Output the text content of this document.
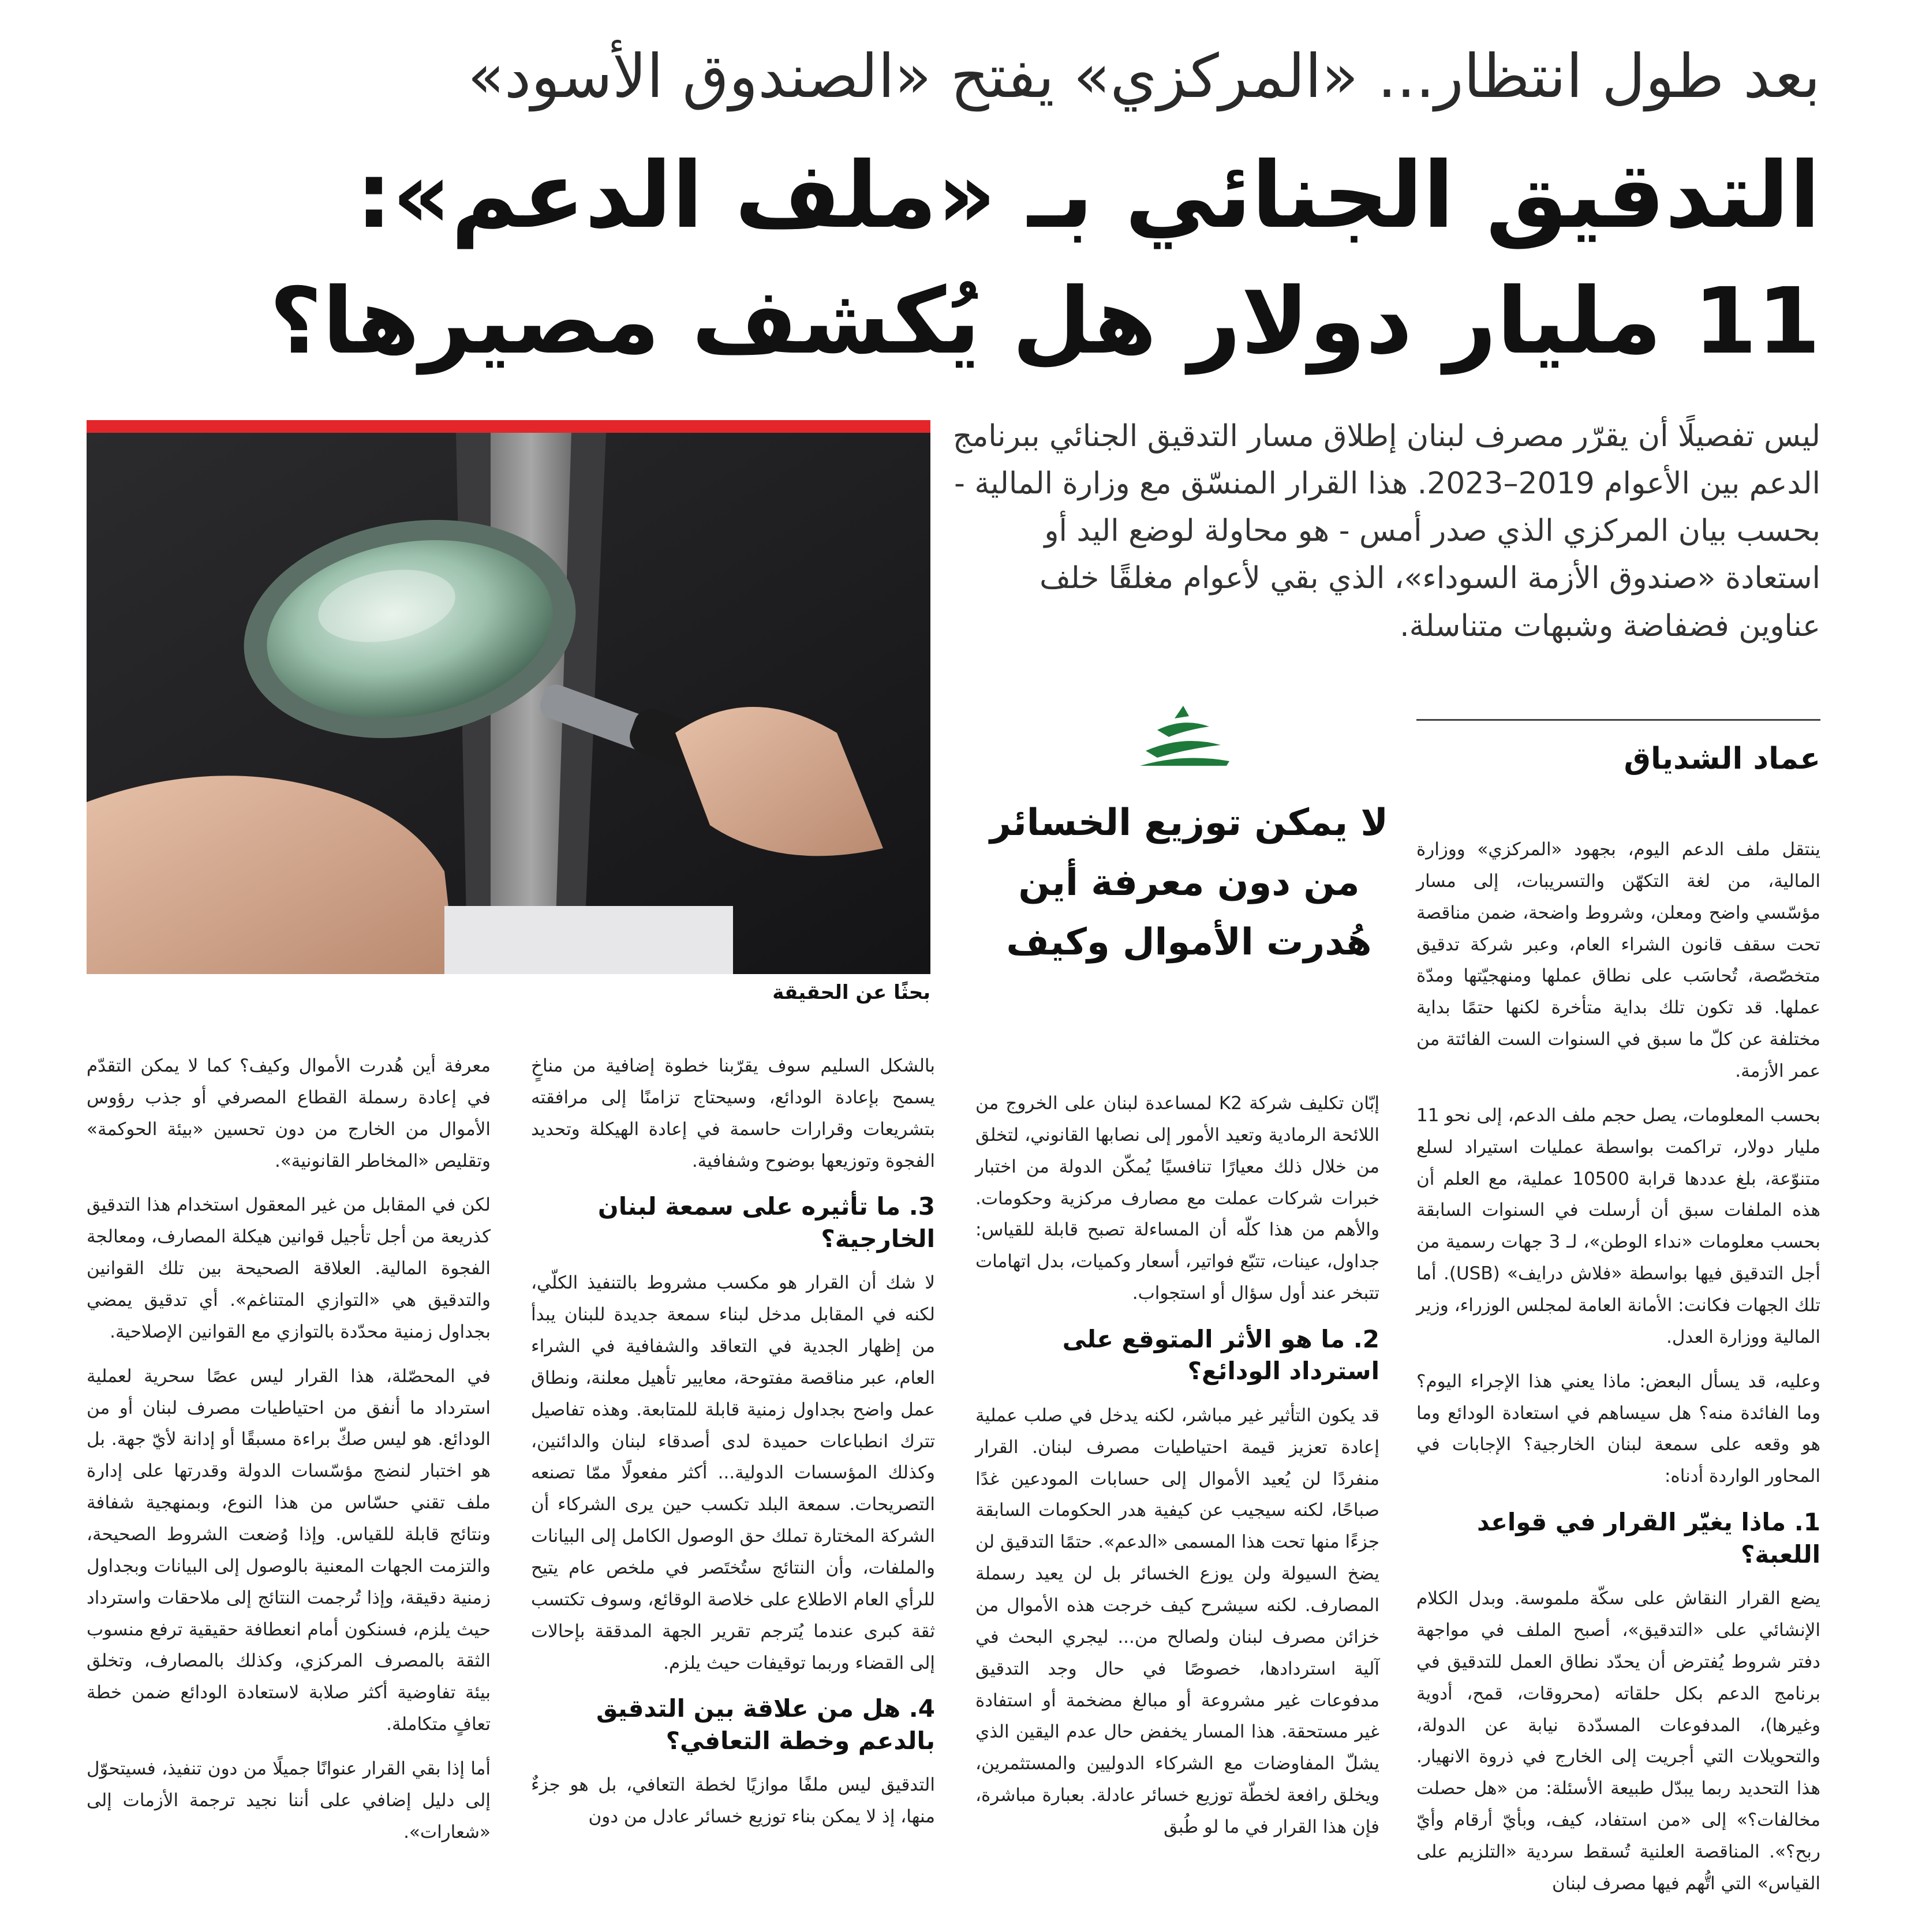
بعد طول انتظار... «المركزي» يفتح «الصندوق الأسود»
التدقيق الجنائي بـ «ملف الدعم»:
11 مليار دولار هل يُكشف مصيرها؟
ليس تفصيلًا أن يقرّر مصرف لبنان إطلاق مسار التدقيق الجنائي ببرنامج الدعم بين الأعوام 2019–2023. هذا القرار المنسّق مع وزارة المالية - بحسب بيان المركزي الذي صدر أمس - هو محاولة لوضع اليد أو استعادة «صندوق الأزمة السوداء»، الذي بقي لأعوام مغلقًا خلف عناوين فضفاضة وشبهات متناسلة.
بحثًا عن الحقيقة
عماد الشدياق
لا يمكن توزيع الخسائر من دون معرفة أين هُدرت الأموال وكيف

ينتقل ملف الدعم اليوم، بجهود «المركزي» ووزارة المالية، من لغة التكهّن والتسريبات، إلى مسار مؤسّسي واضح ومعلن، وشروط واضحة، ضمن مناقصة تحت سقف قانون الشراء العام، وعبر شركة تدقيق متخصّصة، تُحاسَب على نطاق عملها ومنهجيّتها ومدّة عملها. قد تكون تلك بداية متأخرة لكنها حتمًا بداية مختلفة عن كلّ ما سبق في السنوات الست الفائتة من عمر الأزمة.

بحسب المعلومات، يصل حجم ملف الدعم، إلى نحو 11 مليار دولار، تراكمت بواسطة عمليات استيراد لسلع متنوّعة، بلغ عددها قرابة 10500 عملية، مع العلم أن هذه الملفات سبق أن أرسلت في السنوات السابقة بحسب معلومات «نداء الوطن»، لـ 3 جهات رسمية من أجل التدقيق فيها بواسطة «فلاش درايف» (USB). أما تلك الجهات فكانت: الأمانة العامة لمجلس الوزراء، وزير المالية ووزارة العدل.

وعليه، قد يسأل البعض: ماذا يعني هذا الإجراء اليوم؟ وما الفائدة منه؟ هل سيساهم في استعادة الودائع وما هو وقعه على سمعة لبنان الخارجية؟ الإجابات في المحاور الواردة أدناه:

1. ماذا يغيّر القرار في قواعد اللعبة؟

يضع القرار النقاش على سكّة ملموسة. وبدل الكلام الإنشائي على «التدقيق»، أصبح الملف في مواجهة دفتر شروط يُفترض أن يحدّد نطاق العمل للتدقيق في برنامج الدعم بكل حلقاته (محروقات، قمح، أدوية وغيرها)، المدفوعات المسدّدة نيابة عن الدولة، والتحويلات التي أجريت إلى الخارج في ذروة الانهيار. هذا التحديد ربما يبدّل طبيعة الأسئلة: من «هل حصلت مخالفات؟» إلى «من استفاد، كيف، وبأيّ أرقام وأيّ ربح؟». المناقصة العلنية تُسقط سردية «التلزيم على القياس» التي اتُّهم فيها مصرف لبنان

إبّان تكليف شركة K2 لمساعدة لبنان على الخروج من اللائحة الرمادية وتعيد الأمور إلى نصابها القانوني، لتخلق من خلال ذلك معيارًا تنافسيًا يُمكّن الدولة من اختبار خبرات شركات عملت مع مصارف مركزية وحكومات. والأهم من هذا كلّه أن المساءلة تصبح قابلة للقياس: جداول، عينات، تتبّع فواتير، أسعار وكميات، بدل اتهامات تتبخر عند أول سؤال أو استجواب.

2. ما هو الأثر المتوقع على استرداد الودائع؟

قد يكون التأثير غير مباشر، لكنه يدخل في صلب عملية إعادة تعزيز قيمة احتياطيات مصرف لبنان. القرار منفردًا لن يُعيد الأموال إلى حسابات المودعين غدًا صباحًا، لكنه سيجيب عن كيفية هدر الحكومات السابقة جزءًا منها تحت هذا المسمى «الدعم». حتمًا التدقيق لن يضخ السيولة ولن يوزع الخسائر بل لن يعيد رسملة المصارف. لكنه سيشرح كيف خرجت هذه الأموال من خزائن مصرف لبنان ولصالح من... ليجري البحث في آلية استردادها، خصوصًا في حال وجد التدقيق مدفوعات غير مشروعة أو مبالغ مضخمة أو استفادة غير مستحقة. هذا المسار يخفض حال عدم اليقين الذي يشلّ المفاوضات مع الشركاء الدوليين والمستثمرين، ويخلق رافعة لخطّة توزيع خسائر عادلة. بعبارة مباشرة، فإن هذا القرار في ما لو طُبق

بالشكل السليم سوف يقرّبنا خطوة إضافية من مناخٍ يسمح بإعادة الودائع، وسيحتاج تزامنًا إلى مرافقته بتشريعات وقرارات حاسمة في إعادة الهيكلة وتحديد الفجوة وتوزيعها بوضوح وشفافية.

3. ما تأثيره على سمعة لبنان الخارجية؟

لا شك أن القرار هو مكسب مشروط بالتنفيذ الكلّي، لكنه في المقابل مدخل لبناء سمعة جديدة للبنان يبدأ من إظهار الجدية في التعاقد والشفافية في الشراء العام، عبر مناقصة مفتوحة، معايير تأهيل معلنة، ونطاق عمل واضح بجداول زمنية قابلة للمتابعة. وهذه تفاصيل تترك انطباعات حميدة لدى أصدقاء لبنان والدائنين، وكذلك المؤسسات الدولية... أكثر مفعولًا ممّا تصنعه التصريحات. سمعة البلد تكسب حين يرى الشركاء أن الشركة المختارة تملك حق الوصول الكامل إلى البيانات والملفات، وأن النتائج ستُختَصر في ملخص عام يتيح للرأي العام الاطلاع على خلاصة الوقائع، وسوف تكتسب ثقة كبرى عندما يُترجم تقرير الجهة المدققة بإحالات إلى القضاء وربما توقيفات حيث يلزم.

4. هل من علاقة بين التدقيق بالدعم وخطة التعافي؟

التدقيق ليس ملفًا موازيًا لخطة التعافي، بل هو جزءٌ منها، إذ لا يمكن بناء توزيع خسائر عادل من دون

معرفة أين هُدرت الأموال وكيف؟ كما لا يمكن التقدّم في إعادة رسملة القطاع المصرفي أو جذب رؤوس الأموال من الخارج من دون تحسين «بيئة الحوكمة» وتقليص «المخاطر القانونية».

لكن في المقابل من غير المعقول استخدام هذا التدقيق كذريعة من أجل تأجيل قوانين هيكلة المصارف، ومعالجة الفجوة المالية. العلاقة الصحيحة بين تلك القوانين والتدقيق هي «التوازي المتناغم». أي تدقيق يمضي بجداول زمنية محدّدة بالتوازي مع القوانين الإصلاحية.

في المحصّلة، هذا القرار ليس عصًا سحرية لعملية استرداد ما أنفق من احتياطيات مصرف لبنان أو من الودائع. هو ليس صكّ براءة مسبقًا أو إدانة لأيّ جهة. بل هو اختبار لنضج مؤسّسات الدولة وقدرتها على إدارة ملف تقني حسّاس من هذا النوع، وبمنهجية شفافة ونتائج قابلة للقياس. وإذا وُضعت الشروط الصحيحة، والتزمت الجهات المعنية بالوصول إلى البيانات وبجداول زمنية دقيقة، وإذا تُرجمت النتائج إلى ملاحقات واسترداد حيث يلزم، فسنكون أمام انعطافة حقيقية ترفع منسوب الثقة بالمصرف المركزي، وكذلك بالمصارف، وتخلق بيئة تفاوضية أكثر صلابة لاستعادة الودائع ضمن خطة تعافٍ متكاملة.

أما إذا بقي القرار عنوانًا جميلًا من دون تنفيذ، فسيتحوّل إلى دليل إضافي على أننا نجيد ترجمة الأزمات إلى «شعارات».
